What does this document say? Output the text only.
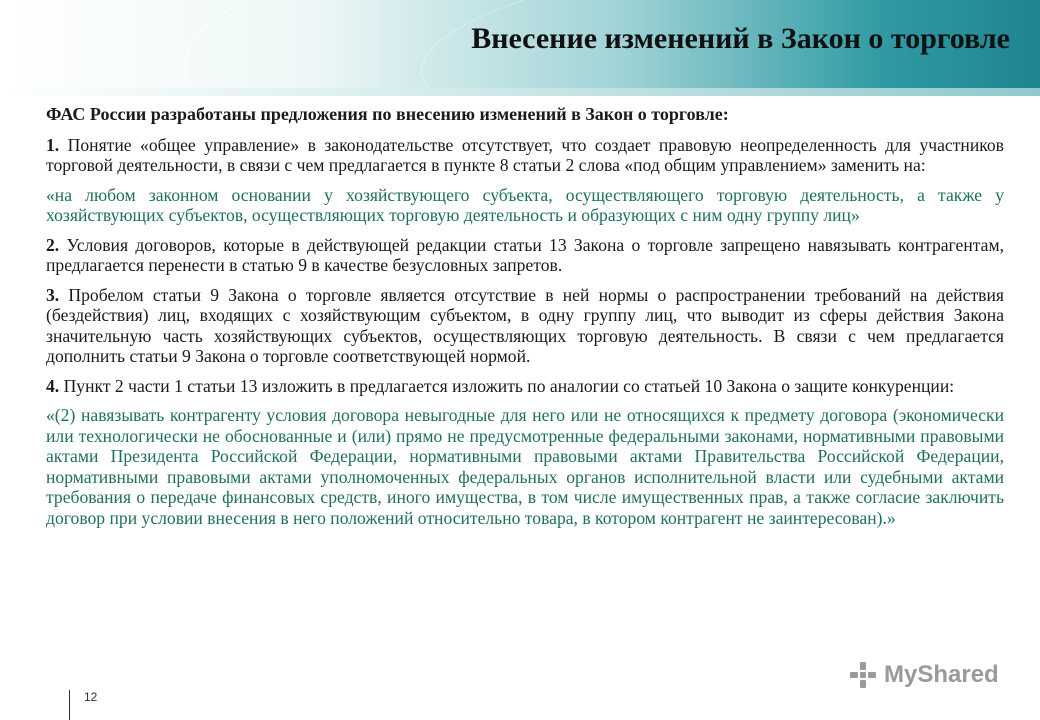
Внесение изменений в Закон о торговле

ФАС России разработаны предложения по внесению изменений в Закон о торговле:

1. Понятие «общее управление» в законодательстве отсутствует, что создает правовую неопределенность для участников торговой деятельности, в связи с чем предлагается в пункте 8 статьи 2 слова «под общим управлением» заменить на:

«на любом законном основании у хозяйствующего субъекта, осуществляющего торговую деятельность, а также у хозяйствующих субъектов, осуществляющих торговую деятельность и образующих с ним одну группу лиц»

2. Условия договоров, которые в действующей редакции статьи 13 Закона о торговле запрещено навязывать контрагентам, предлагается перенести в статью 9 в качестве безусловных запретов.

3. Пробелом статьи 9 Закона о торговле является отсутствие в ней нормы о распространении требований на действия (бездействия) лиц, входящих с хозяйствующим субъектом, в одну группу лиц, что выводит из сферы действия Закона значительную часть хозяйствующих субъектов, осуществляющих торговую деятельность. В связи с чем предлагается дополнить статьи 9 Закона о торговле соответствующей нормой.

4. Пункт 2 части 1 статьи 13 изложить в предлагается изложить по аналогии со статьей 10 Закона о защите конкуренции:

«(2) навязывать контрагенту условия договора невыгодные для него или не относящихся к предмету договора (экономически или технологически не обоснованные и (или) прямо не предусмотренные федеральными законами, нормативными правовыми актами Президента Российской Федерации, нормативными правовыми актами Правительства Российской Федерации, нормативными правовыми актами уполномоченных федеральных органов исполнительной власти или судебными актами требования о передаче финансовых средств, иного имущества, в том числе имущественных прав, а также согласие заключить договор при условии внесения в него положений относительно товара, в котором контрагент не заинтересован).»

12
MyShared
